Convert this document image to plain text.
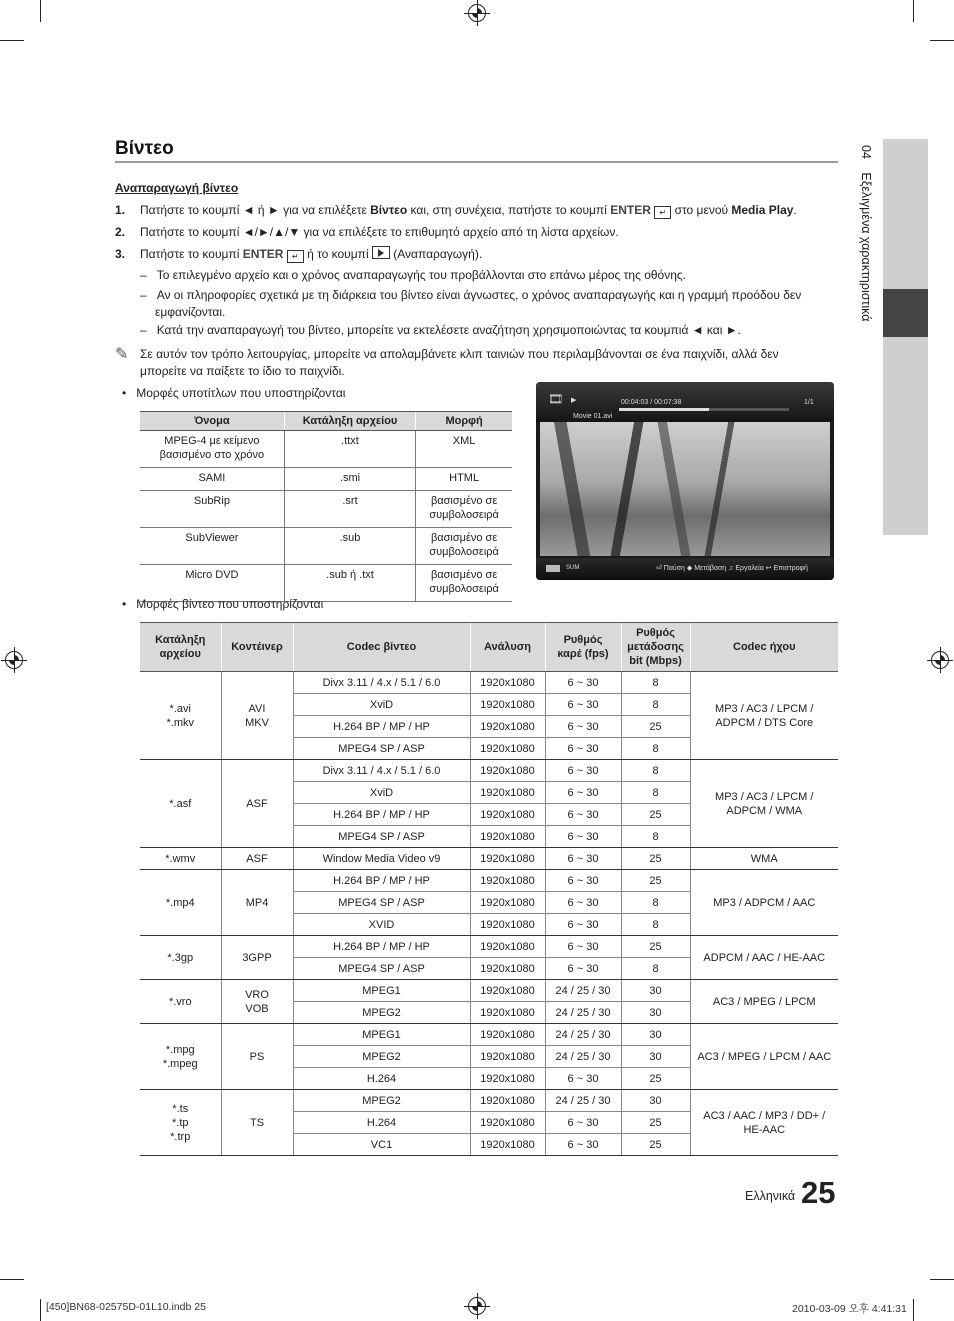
Βίντεο	04 Εξελιγμένα χαρακτηριστικά
Αναπαραγωγή βίντεο
1. Πατήστε το κουμπί ◄ ή ► για να επιλέξετε Βίντεο και, στη συνέχεια, πατήστε το κουμπί ENTER ↵ στο μενού Media Play.
2. Πατήστε το κουμπί ◄/►/▲/▼ για να επιλέξετε το επιθυμητό αρχείο από τη λίστα αρχείων.
3. Πατήστε το κουμπί ENTER ↵ ή το κουμπί  (Αναπαραγωγή).
–   Το επιλεγμένο αρχείο και ο χρόνος αναπαραγωγής του προβάλλονται στο επάνω μέρος της οθόνης.
–   Αν οι πληροφορίες σχετικά με τη διάρκεια του βίντεο είναι άγνωστες, ο χρόνος αναπαραγωγής και η γραμμή προόδου δεν
εμφανίζονται.
–   Κατά την αναπαραγωγή του βίντεο, μπορείτε να εκτελέσετε αναζήτηση χρησιμοποιώντας τα κουμπιά ◄ και ►.
✎ Σε αυτόν τον τρόπο λειτουργίας, μπορείτε να απολαμβάνετε κλιπ ταινιών που περιλαμβάνονται σε ένα παιχνίδι, αλλά δεν
μπορείτε να παίξετε το ίδιο το παιχνίδι.
•   Μορφές υποτίτλων που υποστηρίζονται
Όνομα	Κατάληξη αρχείου	Μορφή
MPEG-4 με κείμενο
βασισμένο στο χρόνο	.ttxt	XML
SAMI	.smi	HTML
SubRip	.srt	βασισμένο σε
συμβολοσειρά
SubViewer	.sub	βασισμένο σε
συμβολοσειρά
Micro DVD	.sub ή .txt	βασισμένο σε
συμβολοσειρά
🎞 ▶	00:04:03 / 00:07:38	1/1
Movie 01.avi
SUM	⏎ Παύση ◆ Μετάβαση ♫ Εργαλεία ↩ Επιστροφή
•   Μορφές βίντεο που υποστηρίζονται
Κατάληξη
αρχείου	Κοντέινερ	Codec βίντεο	Ανάλυση	Ρυθμός
καρέ (fps)	Ρυθμός
μετάδοσης
bit (Mbps)	Codec ήχου
*.avi
*.mkv	AVI
MKV	Divx 3.11 / 4.x / 5.1 / 6.0	1920x1080	6 ~ 30	8	MP3 / AC3 / LPCM /
ADPCM / DTS Core
		XviD	1920x1080	6 ~ 30	8	
		H.264 BP / MP / HP	1920x1080	6 ~ 30	25	
		MPEG4 SP / ASP	1920x1080	6 ~ 30	8	
*.asf	ASF	Divx 3.11 / 4.x / 5.1 / 6.0	1920x1080	6 ~ 30	8	MP3 / AC3 / LPCM /
ADPCM / WMA
		XviD	1920x1080	6 ~ 30	8	
		H.264 BP / MP / HP	1920x1080	6 ~ 30	25	
		MPEG4 SP / ASP	1920x1080	6 ~ 30	8	
*.wmv	ASF	Window Media Video v9	1920x1080	6 ~ 30	25	WMA
*.mp4	MP4	H.264 BP / MP / HP	1920x1080	6 ~ 30	25	MP3 / ADPCM / AAC
		MPEG4 SP / ASP	1920x1080	6 ~ 30	8	
		XVID	1920x1080	6 ~ 30	8	
*.3gp	3GPP	H.264 BP / MP / HP	1920x1080	6 ~ 30	25	ADPCM / AAC / HE-AAC
		MPEG4 SP / ASP	1920x1080	6 ~ 30	8	
*.vro	VRO
VOB	MPEG1	1920x1080	24 / 25 / 30	30	AC3 / MPEG / LPCM
		MPEG2	1920x1080	24 / 25 / 30	30	
*.mpg
*.mpeg	PS	MPEG1	1920x1080	24 / 25 / 30	30	AC3 / MPEG / LPCM / AAC
		MPEG2	1920x1080	24 / 25 / 30	30	
		H.264	1920x1080	6 ~ 30	25	
*.ts
*.tp
*.trp	TS	MPEG2	1920x1080	24 / 25 / 30	30	AC3 / AAC / MP3 / DD+ /
HE-AAC
		H.264	1920x1080	6 ~ 30	25	
		VC1	1920x1080	6 ~ 30	25	
Ελληνικά 25
[450]BN68-02575D-01L10.indb 25	2010-03-09 오후 4:41:31
